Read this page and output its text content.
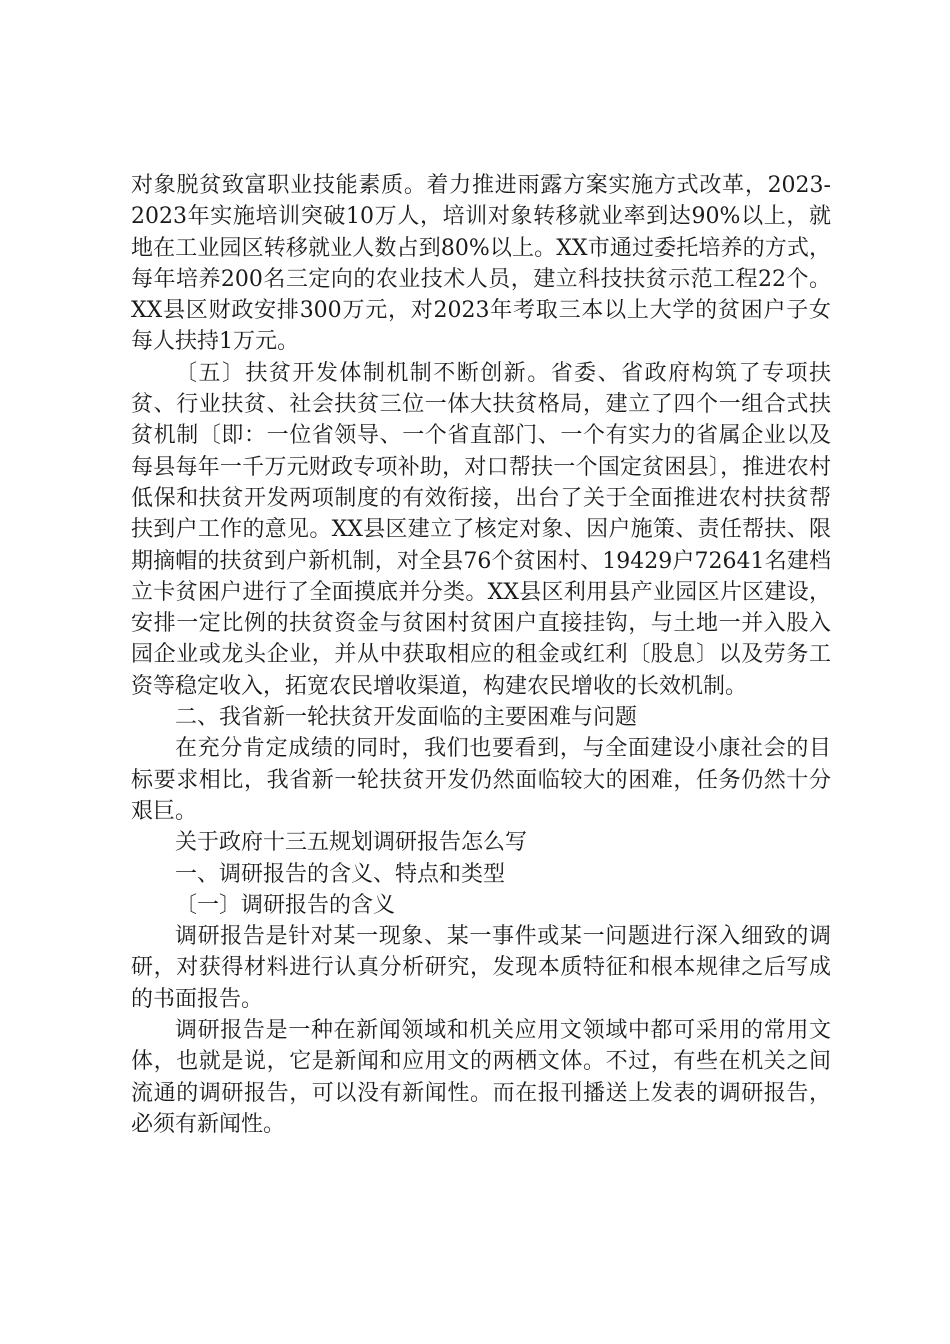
对象脱贫致富职业技能素质。着力推进雨露方案实施方式改革，2023-2023年实施培训突破10万人，培训对象转移就业率到达90%以上，就地在工业园区转移就业人数占到80%以上。XX市通过委托培养的方式，每年培养200名三定向的农业技术人员，建立科技扶贫示范工程22个。XX县区财政安排300万元，对2023年考取三本以上大学的贫困户子女每人扶持1万元。

〔五〕扶贫开发体制机制不断创新。省委、省政府构筑了专项扶贫、行业扶贫、社会扶贫三位一体大扶贫格局，建立了四个一组合式扶贫机制〔即：一位省领导、一个省直部门、一个有实力的省属企业以及每县每年一千万元财政专项补助，对口帮扶一个国定贫困县〕，推进农村低保和扶贫开发两项制度的有效衔接，出台了关于全面推进农村扶贫帮扶到户工作的意见。XX县区建立了核定对象、因户施策、责任帮扶、限期摘帽的扶贫到户新机制，对全县76个贫困村、19429户72641名建档立卡贫困户进行了全面摸底并分类。XX县区利用县产业园区片区建设，安排一定比例的扶贫资金与贫困村贫困户直接挂钩，与土地一并入股入园企业或龙头企业，并从中获取相应的租金或红利〔股息〕以及劳务工资等稳定收入，拓宽农民增收渠道，构建农民增收的长效机制。

二、我省新一轮扶贫开发面临的主要困难与问题

在充分肯定成绩的同时，我们也要看到，与全面建设小康社会的目标要求相比，我省新一轮扶贫开发仍然面临较大的困难，任务仍然十分艰巨。

关于政府十三五规划调研报告怎么写

一、调研报告的含义、特点和类型

〔一〕调研报告的含义

调研报告是针对某一现象、某一事件或某一问题进行深入细致的调研，对获得材料进行认真分析研究，发现本质特征和根本规律之后写成的书面报告。

调研报告是一种在新闻领域和机关应用文领域中都可采用的常用文体，也就是说，它是新闻和应用文的两栖文体。不过，有些在机关之间流通的调研报告，可以没有新闻性。而在报刊播送上发表的调研报告，必须有新闻性。
